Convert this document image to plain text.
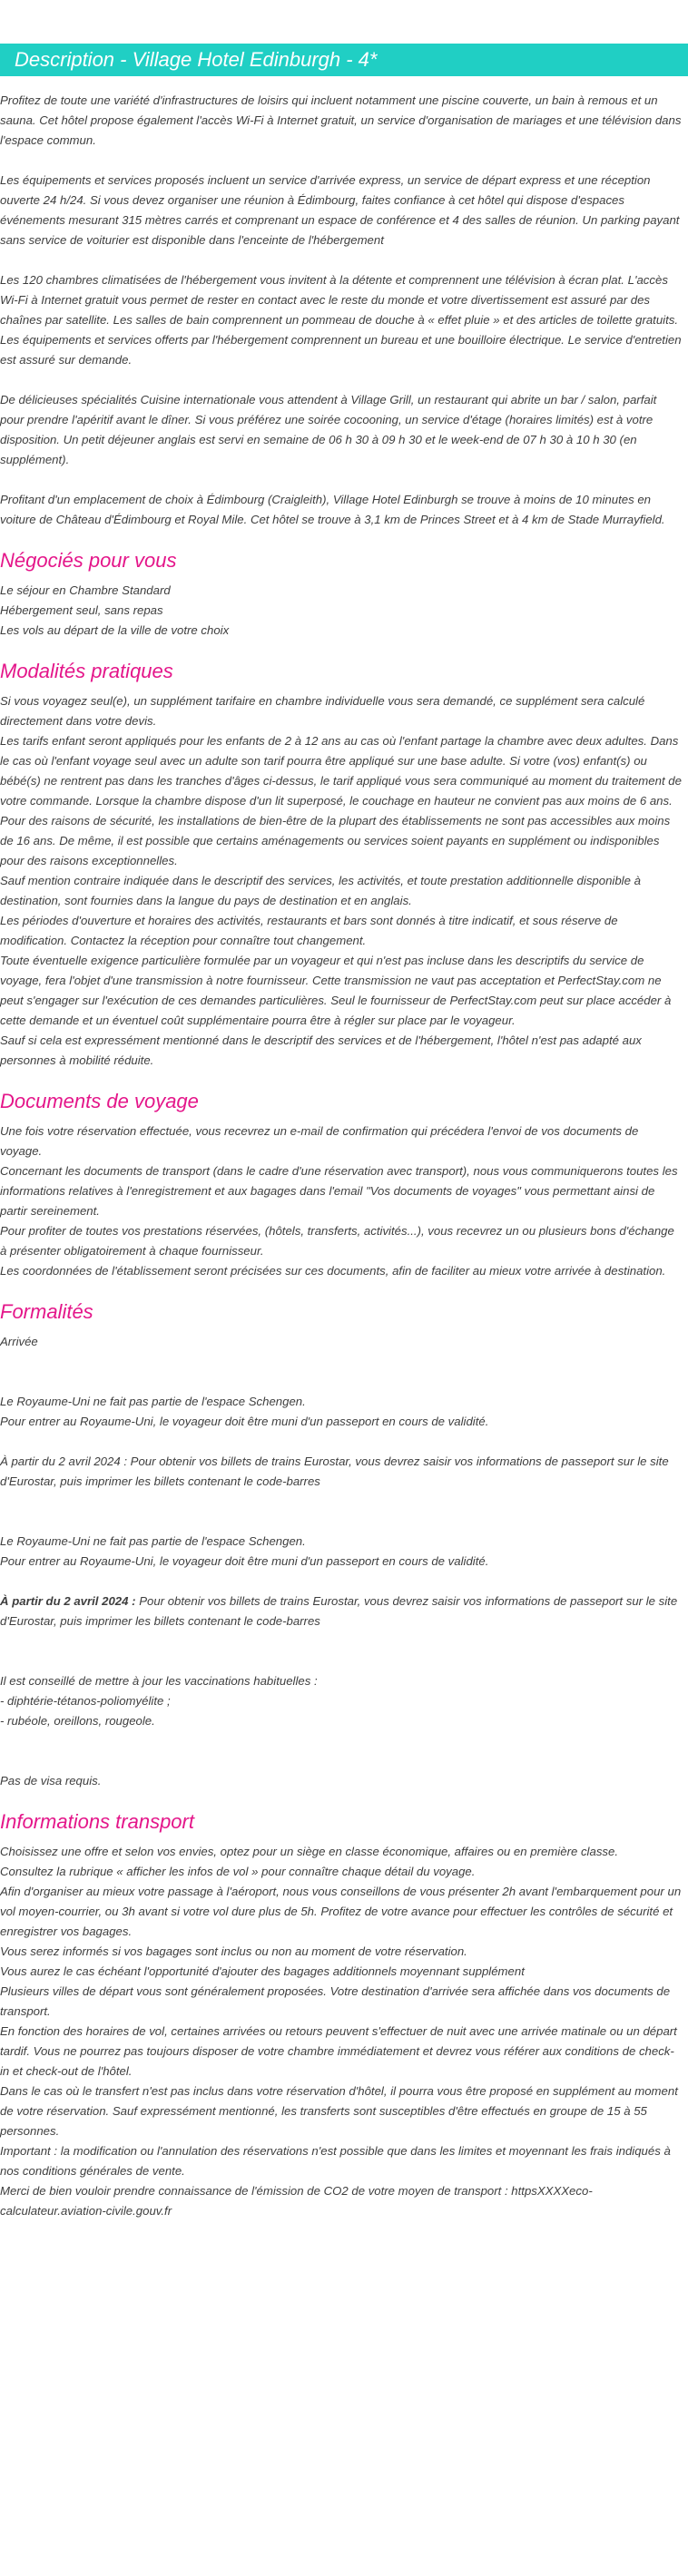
Description - Village Hotel Edinburgh - 4*

Profitez de toute une variété d'infrastructures de loisirs qui incluent notamment une piscine couverte, un bain à remous et un sauna. Cet hôtel propose également l'accès Wi-Fi à Internet gratuit, un service d'organisation de mariages et une télévision dans l'espace commun.

Les équipements et services proposés incluent un service d'arrivée express, un service de départ express et une réception ouverte 24 h/24. Si vous devez organiser une réunion à Édimbourg, faites confiance à cet hôtel qui dispose d'espaces événements mesurant 315 mètres carrés et comprenant un espace de conférence et 4 des salles de réunion. Un parking payant sans service de voiturier est disponible dans l'enceinte de l'hébergement

Les 120 chambres climatisées de l'hébergement vous invitent à la détente et comprennent une télévision à écran plat. L'accès Wi-Fi à Internet gratuit vous permet de rester en contact avec le reste du monde et votre divertissement est assuré par des chaînes par satellite. Les salles de bain comprennent un pommeau de douche à « effet pluie » et des articles de toilette gratuits. Les équipements et services offerts par l'hébergement comprennent un bureau et une bouilloire électrique. Le service d'entretien est assuré sur demande.

De délicieuses spécialités Cuisine internationale vous attendent à Village Grill, un restaurant qui abrite un bar / salon, parfait pour prendre l'apéritif avant le dîner. Si vous préférez une soirée cocooning, un service d'étage (horaires limités) est à votre disposition. Un petit déjeuner anglais est servi en semaine de 06 h 30 à 09 h 30 et le week-end de 07 h 30 à 10 h 30 (en supplément).

Profitant d'un emplacement de choix à Édimbourg (Craigleith), Village Hotel Edinburgh se trouve à moins de 10 minutes en voiture de Château d'Édimbourg et Royal Mile. Cet hôtel se trouve à 3,1 km de Princes Street et à 4 km de Stade Murrayfield.

Négociés pour vous

Le séjour en Chambre Standard

Hébergement seul, sans repas

Les vols au départ de la ville de votre choix

Modalités pratiques

Si vous voyagez seul(e), un supplément tarifaire en chambre individuelle vous sera demandé, ce supplément sera calculé directement dans votre devis.

Les tarifs enfant seront appliqués pour les enfants de 2 à 12 ans au cas où l'enfant partage la chambre avec deux adultes. Dans le cas où l'enfant voyage seul avec un adulte son tarif pourra être appliqué sur une base adulte. Si votre (vos) enfant(s) ou bébé(s) ne rentrent pas dans les tranches d'âges ci-dessus, le tarif appliqué vous sera communiqué au moment du traitement de votre commande. Lorsque la chambre dispose d'un lit superposé, le couchage en hauteur ne convient pas aux moins de 6 ans.

Pour des raisons de sécurité, les installations de bien-être de la plupart des établissements ne sont pas accessibles aux moins de 16 ans. De même, il est possible que certains aménagements ou services soient payants en supplément ou indisponibles pour des raisons exceptionnelles.

Sauf mention contraire indiquée dans le descriptif des services, les activités, et toute prestation additionnelle disponible à destination, sont fournies dans la langue du pays de destination et en anglais.

Les périodes d'ouverture et horaires des activités, restaurants et bars sont donnés à titre indicatif, et sous réserve de modification. Contactez la réception pour connaître tout changement.

Toute éventuelle exigence particulière formulée par un voyageur et qui n'est pas incluse dans les descriptifs du service de voyage, fera l'objet d'une transmission à notre fournisseur. Cette transmission ne vaut pas acceptation et PerfectStay.com ne peut s'engager sur l'exécution de ces demandes particulières. Seul le fournisseur de PerfectStay.com peut sur place accéder à cette demande et un éventuel coût supplémentaire pourra être à régler sur place par le voyageur.

Sauf si cela est expressément mentionné dans le descriptif des services et de l'hébergement, l'hôtel n'est pas adapté aux personnes à mobilité réduite.

Documents de voyage

Une fois votre réservation effectuée, vous recevrez un e-mail de confirmation qui précédera l'envoi de vos documents de voyage.

Concernant les documents de transport (dans le cadre d'une réservation avec transport), nous vous communiquerons toutes les informations relatives à l'enregistrement et aux bagages dans l'email "Vos documents de voyages" vous permettant ainsi de partir sereinement.

Pour profiter de toutes vos prestations réservées, (hôtels, transferts, activités...), vous recevrez un ou plusieurs bons d'échange à présenter obligatoirement à chaque fournisseur.

Les coordonnées de l'établissement seront précisées sur ces documents, afin de faciliter au mieux votre arrivée à destination.

Formalités

Arrivée

Le Royaume-Uni ne fait pas partie de l'espace Schengen.

Pour entrer au Royaume-Uni, le voyageur doit être muni d'un passeport en cours de validité.

À partir du 2 avril 2024 : Pour obtenir vos billets de trains Eurostar, vous devrez saisir vos informations de passeport sur le site d'Eurostar, puis imprimer les billets contenant le code-barres

Le Royaume-Uni ne fait pas partie de l'espace Schengen.

Pour entrer au Royaume-Uni, le voyageur doit être muni d'un passeport en cours de validité.

À partir du 2 avril 2024 : Pour obtenir vos billets de trains Eurostar, vous devrez saisir vos informations de passeport sur le site d'Eurostar, puis imprimer les billets contenant le code-barres

Il est conseillé de mettre à jour les vaccinations habituelles :

- diphtérie-tétanos-poliomyélite ;

- rubéole, oreillons, rougeole.

Pas de visa requis.

Informations transport

Choisissez une offre et selon vos envies, optez pour un siège en classe économique, affaires ou en première classe.

Consultez la rubrique « afficher les infos de vol » pour connaître chaque détail du voyage.

Afin d'organiser au mieux votre passage à l'aéroport, nous vous conseillons de vous présenter 2h avant l'embarquement pour un vol moyen-courrier, ou 3h avant si votre vol dure plus de 5h. Profitez de votre avance pour effectuer les contrôles de sécurité et enregistrer vos bagages.

Vous serez informés si vos bagages sont inclus ou non au moment de votre réservation.

Vous aurez le cas échéant l'opportunité d'ajouter des bagages additionnels moyennant supplément

Plusieurs villes de départ vous sont généralement proposées. Votre destination d'arrivée sera affichée dans vos documents de transport.

En fonction des horaires de vol, certaines arrivées ou retours peuvent s'effectuer de nuit avec une arrivée matinale ou un départ tardif. Vous ne pourrez pas toujours disposer de votre chambre immédiatement et devrez vous référer aux conditions de check-in et check-out de l'hôtel.

Dans le cas où le transfert n'est pas inclus dans votre réservation d'hôtel, il pourra vous être proposé en supplément au moment de votre réservation. Sauf expressément mentionné, les transferts sont susceptibles d'être effectués en groupe de 15 à 55 personnes.

Important : la modification ou l'annulation des réservations n'est possible que dans les limites et moyennant les frais indiqués à nos conditions générales de vente.

Merci de bien vouloir prendre connaissance de l'émission de CO2 de votre moyen de transport : httpsXXXXeco-calculateur.aviation-civile.gouv.fr
